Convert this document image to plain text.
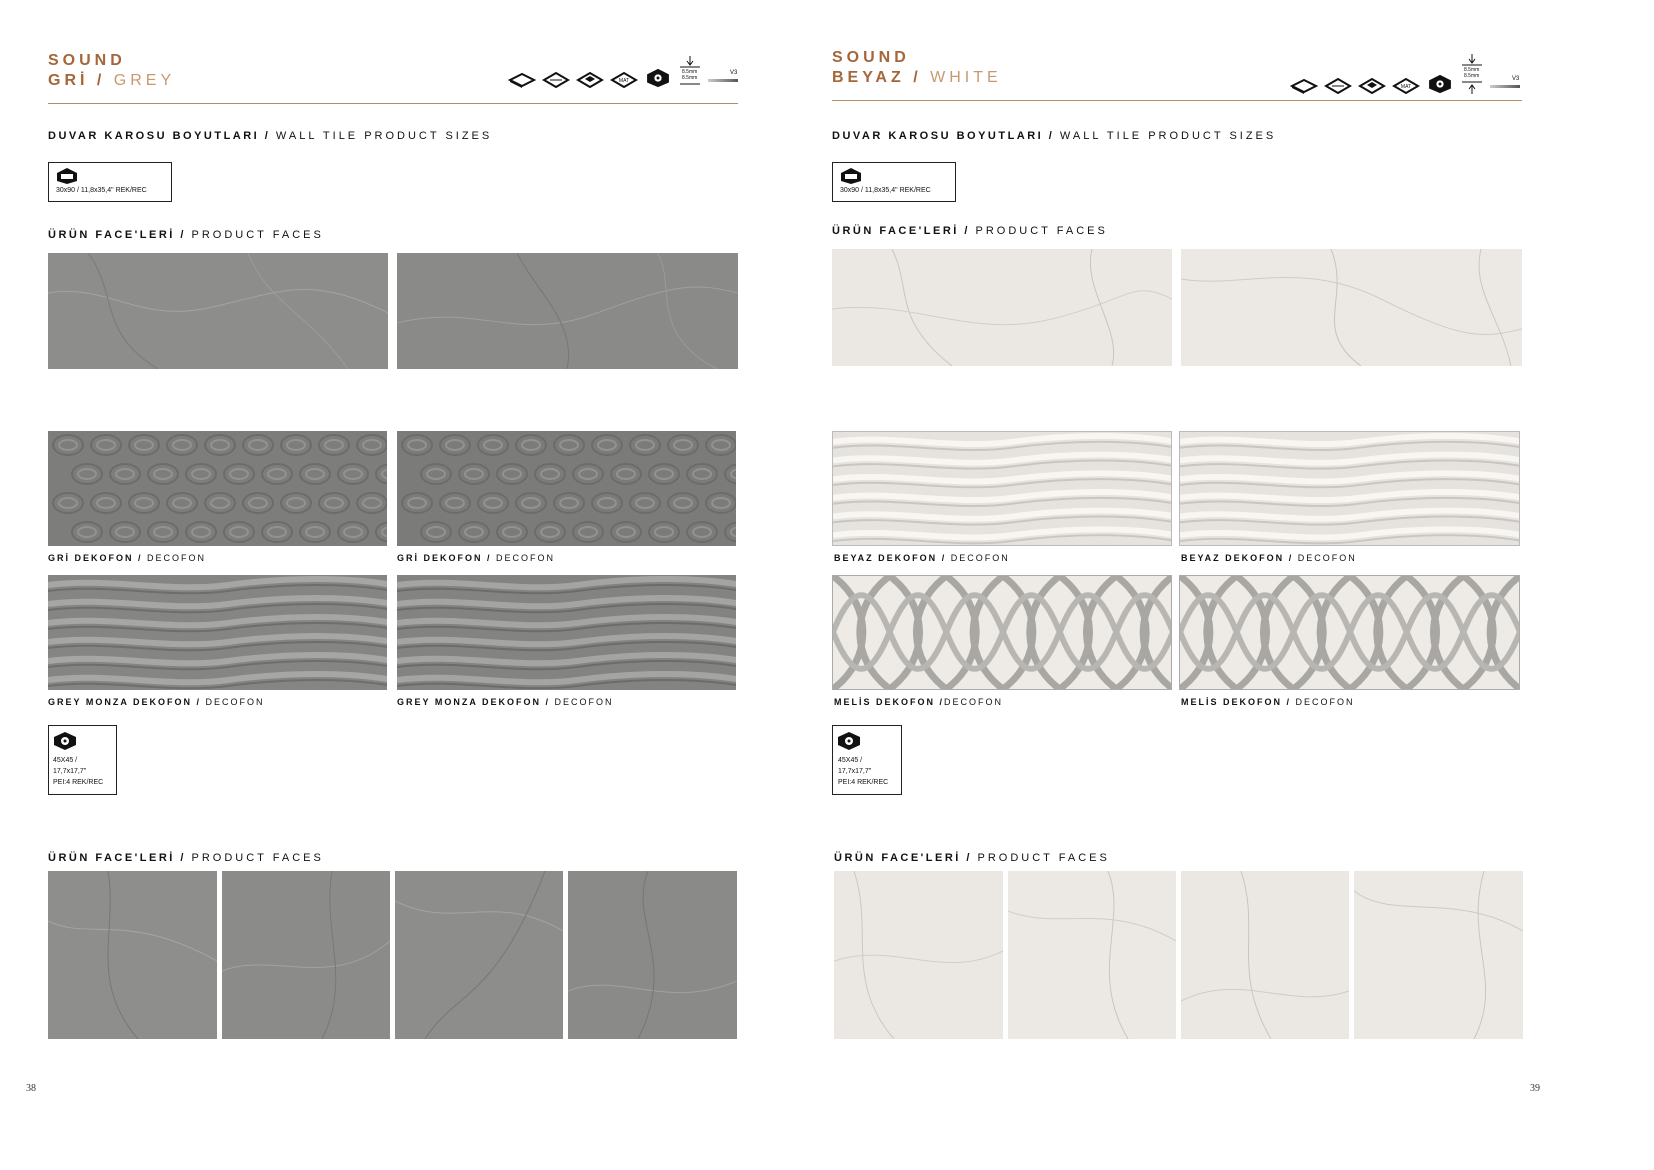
SOUND
GRİ / GREY	MAT
8.5mm
8.5mm
V3
DUVAR KAROSU BOYUTLARI / WALL TILE PRODUCT SIZES
30x90 / 11,8x35,4" REK/REC
ÜRÜN FACE'LERİ / PRODUCT FACES
GRİ DEKOFON / DECOFON	GRİ DEKOFON / DECOFON
GREY MONZA DEKOFON / DECOFON	GREY MONZA DEKOFON / DECOFON
45X45 /
17,7x17,7"
PEI:4 REK/REC
ÜRÜN FACE'LERİ / PRODUCT FACES
38
SOUND
BEYAZ / WHITE
MAT
8.5mm
8.5mm	V3
DUVAR KAROSU BOYUTLARI / WALL TILE PRODUCT SIZES
30x90 / 11,8x35,4" REK/REC
ÜRÜN FACE'LERİ / PRODUCT FACES
BEYAZ DEKOFON / DECOFON	BEYAZ DEKOFON / DECOFON
MELİS DEKOFON /DECOFON	MELİS DEKOFON / DECOFON
45X45 /
17,7x17,7"
PEI:4 REK/REC
ÜRÜN FACE'LERİ / PRODUCT FACES
39
